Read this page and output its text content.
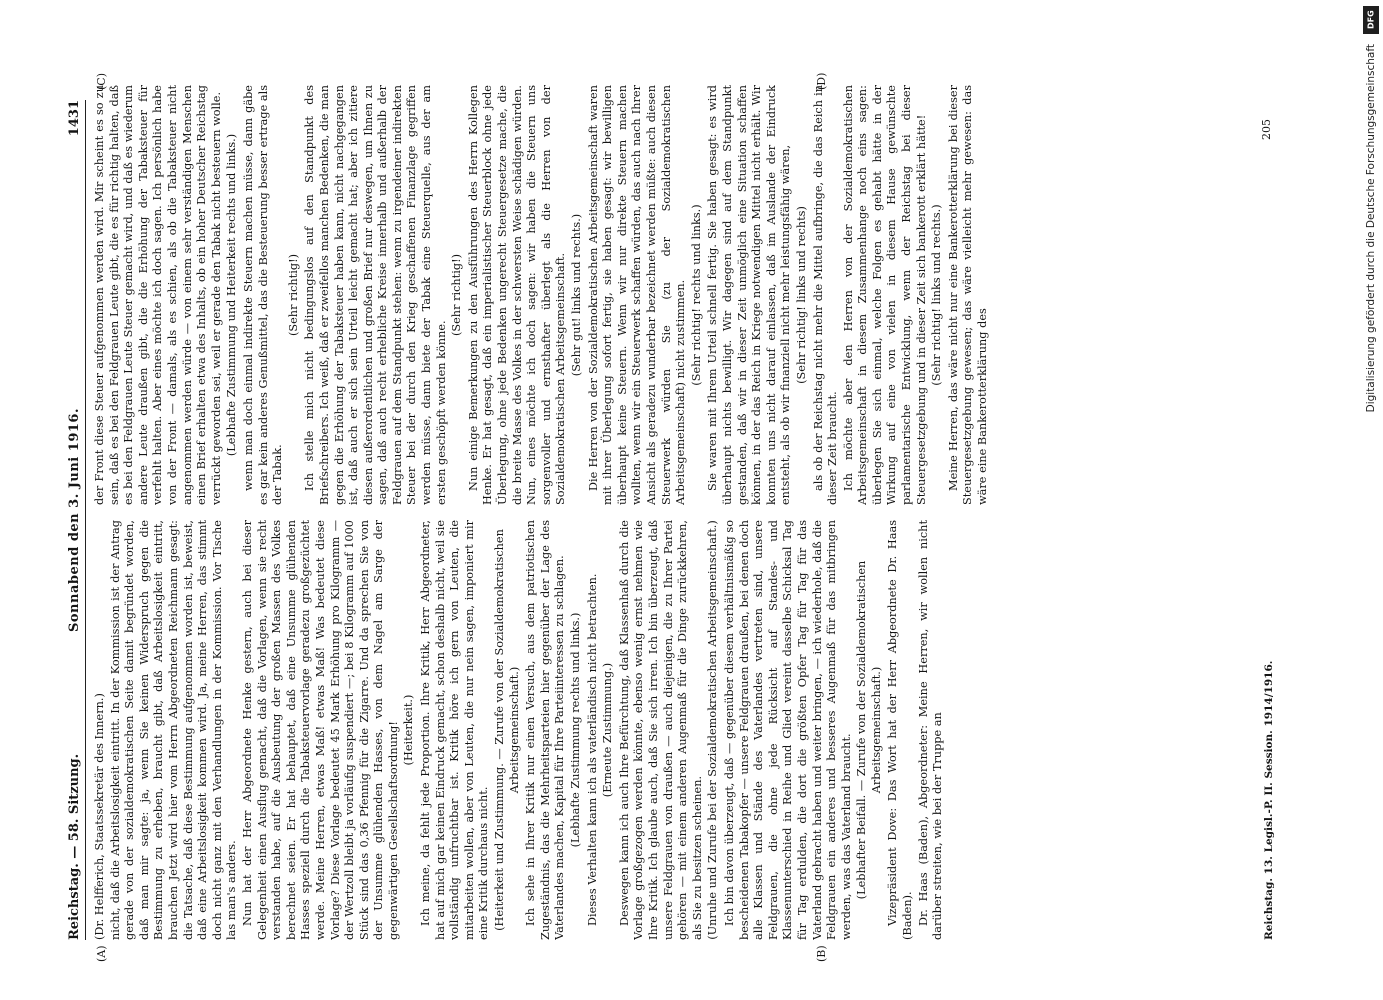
DFG
Digitalisierung gefördert durch die Deutsche Forschungsgemeinschaft
Reichstag. — 58. Sitzung.
Sonnabend den 3. Juni 1916.
1431
(A)	(B)
(C)	(D)

(Dr. Helfferich, Staatssekretär des Innern.) nicht, daß die Arbeitslosigkeit eintritt. In der Kommission ist der Antrag gerade von der sozialdemokratischen Seite damit begründet worden, daß man mir sagte: ja, wenn Sie keinen Widerspruch gegen die Bestimmung zu erheben, braucht gibt, daß Arbeitslosigkeit eintritt, brauchen Jetzt wird hier vom Herrn Abgeordneten Reichmann gesagt: die Tatsache, daß diese Bestimmung aufgenommen worden ist, beweist, daß eine Arbeitslosigkeit kommen wird. Ja, meine Herren, das stimmt doch nicht ganz mit den Verhandlungen in der Kommission. Vor Tische las man's anders. Nun hat der Herr Abgeordnete Henke gestern, auch bei dieser Gelegenheit einen Ausflug gemacht, daß die Vorlagen, wenn sie recht verstanden habe, auf die Ausbeutung der großen Massen des Volkes berechnet seien. Er hat behauptet, daß eine Unsumme glühenden Hasses speziell durch die Tabaksteuervorlage geradezu großgezüchtet werde. Meine Herren, etwas Maß! etwas Maß! Was bedeutet diese Vorlage? Diese Vorlage bedeutet 45 Mark Erhöhung pro Kilogramm — der Wertzoll bleibt ja vorläufig suspendiert —; bei 8 Kilogramm auf 1000 Stück sind das 0,36 Pfennig für die Zigarre. Und da sprechen Sie von der Unsumme glühenden Hasses, von dem Nagel am Sarge der gegenwärtigen Gesellschaftsordnung! (Heiterkeit.) Ich meine, da fehlt jede Proportion. Ihre Kritik, Herr Abgeordneter, hat auf mich gar keinen Eindruck gemacht, schon deshalb nicht, weil sie vollständig unfruchtbar ist. Kritik höre ich gern von Leuten, die mitarbeiten wollen, aber von Leuten, die nur nein sagen, imponiert mir eine Kritik durchaus nicht. (Heiterkeit und Zustimmung. — Zurufe von der Sozialdemokratischen Arbeitsgemeinschaft.) Ich sehe in Ihrer Kritik nur einen Versuch, aus dem patriotischen Zugeständnis, das die Mehrheitsparteien hier gegenüber der Lage des Vaterlandes machen, Kapital für Ihre Parteiinteressen zu schlagen. (Lebhafte Zustimmung rechts und links.) Dieses Verhalten kann ich als vaterländisch nicht betrachten. (Erneute Zustimmung.) Deswegen kann ich auch Ihre Befürchtung, daß Klassenhaß durch die Vorlage großgezogen werden könnte, ebenso wenig ernst nehmen wie Ihre Kritik. Ich glaube auch, daß Sie sich irren. Ich bin überzeugt, daß unsere Feldgrauen von draußen — auch diejenigen, die zu Ihrer Partei gehören — mit einem anderen Augenmaß für die Dinge zurückkehren, als Sie zu besitzen scheinen. (Unruhe und Zurufe bei der Sozialdemokratischen Arbeitsgemeinschaft.) Ich bin davon überzeugt, daß — gegenüber diesem verhältnismäßig so bescheidenen Tabakopfer — unsere Feldgrauen draußen, bei denen doch alle Klassen und Stände des Vaterlandes vertreten sind, unsere Feldgrauen, die ohne jede Rücksicht auf Standes- und Klassenunterschied in Reihe und Glied vereint dasselbe Schicksal Tag für Tag erdulden, die dort die größten Opfer Tag für Tag für das Vaterland gebracht haben und weiter bringen, — ich wiederhole, daß die Feldgrauen ein anderes und besseres Augenmaß für das mitbringen werden, was das Vaterland braucht. (Lebhafter Beifall. — Zurufe von der Sozialdemokratischen Arbeitsgemeinschaft.) Vizepräsident Dove: Das Wort hat der Herr Abgeordnete Dr. Haas (Baden). Dr. Haas (Baden), Abgeordneter: Meine Herren, wir wollen nicht darüber streiten, wie bei der Truppe an

der Front diese Steuer aufgenommen werden wird. Mir scheint es so zu sein, daß es bei den Feldgrauen Leute gibt, die es für richtig halten, daß es bei den Feldgrauen Leute Steuer gemacht wird, und daß es wiederum andere Leute draußen gibt, die die Erhöhung der Tabaksteuer für verfehlt halten. Aber eines möchte ich doch sagen. Ich persönlich habe von der Front — damals, als es schien, als ob die Tabaksteuer nicht angenommen werden würde — von einem sehr verständigen Menschen einen Brief erhalten etwa des Inhalts, ob ein hoher Deutscher Reichstag verrückt geworden sei, weil er gerade den Tabak nicht besteuern wolle. (Lebhafte Zustimmung und Heiterkeit rechts und links.) wenn man doch einmal indirekte Steuern machen müsse, dann gäbe es gar kein anderes Genußmittel, das die Besteuerung besser ertrage als der Tabak.

(Sehr richtig!) Ich stelle mich nicht bedingungslos auf den Standpunkt des Briefschreibers. Ich weiß, daß er zweifellos manchen Bedenken, die man gegen die Erhöhung der Tabaksteuer haben kann, nicht nachgegangen ist, daß auch er sich sein Urteil leicht gemacht hat; aber ich zitiere diesen außerordentlichen und großen Brief nur deswegen, um Ihnen zu sagen, daß auch recht erhebliche Kreise innerhalb und außerhalb der Feldgrauen auf dem Standpunkt stehen: wenn zu irgendeiner indirekten Steuer bei der durch den Krieg geschaffenen Finanzlage gegriffen werden müsse, dann biete der Tabak eine Steuerquelle, aus der am ersten geschöpft werden könne.

(Sehr richtig!) Nun einige Bemerkungen zu den Ausführungen des Herrn Kollegen Henke. Er hat gesagt, daß ein imperialistischer Steuerblock ohne jede Überlegung, ohne jede Bedenken ungerecht Steuergesetze mache, die die breite Masse des Volkes in der schwersten Weise schädigen würden. Nun, eines möchte ich doch sagen: wir haben die Steuern uns sorgenvoller und ernsthafter überlegt als die Herren von der Sozialdemokratischen Arbeitsgemeinschaft. (Sehr gut! links und rechts.) Die Herren von der Sozialdemokratischen Arbeitsgemeinschaft waren mit ihrer Überlegung sofort fertig, sie haben gesagt: wir bewilligen überhaupt keine Steuern. Wenn wir nur direkte Steuern machen wollten, wenn wir ein Steuerwerk schaffen würden, das auch nach Ihrer Ansicht als geradezu wunderbar bezeichnet werden müßte: auch diesen Steuerwerk würden Sie (zu der Sozialdemokratischen Arbeitsgemeinschaft) nicht zustimmen. (Sehr richtig! rechts und links.) Sie waren mit Ihrem Urteil schnell fertig. Sie haben gesagt: es wird überhaupt nichts bewilligt. Wir dagegen sind auf dem Standpunkt gestanden, daß wir in dieser Zeit unmöglich eine Situation schaffen können, in der das Reich in Kriege notwendigen Mittel nicht erhält. Wir konnten uns nicht darauf einlassen, daß im Auslande der Eindruck entsteht, als ob wir finanziell nicht mehr leistungsfähig wären, (Sehr richtig! links und rechts) als ob der Reichstag nicht mehr die Mittel aufbringe, die das Reich in dieser Zeit braucht. Ich möchte aber den Herren von der Sozialdemokratischen Arbeitsgemeinschaft in diesem Zusammenhange noch eins sagen: überlegen Sie sich einmal, welche Folgen es gehabt hätte in der Wirkung auf eine von vielen in diesem Hause gewünschte parlamentarische Entwicklung, wenn der Reichstag bei dieser Steuergesetzgebung und in dieser Zeit sich bankerott erklärt hätte! (Sehr richtig! links und rechts.) Meine Herren, das wäre nicht nur eine Bankerotterklärung bei dieser Steuergesetzgebung gewesen; das wäre vielleicht mehr gewesen: das wäre eine Bankerotterklärung des

Reichstag. 13. Legisl.-P. II. Session. 1914/1916.
205
